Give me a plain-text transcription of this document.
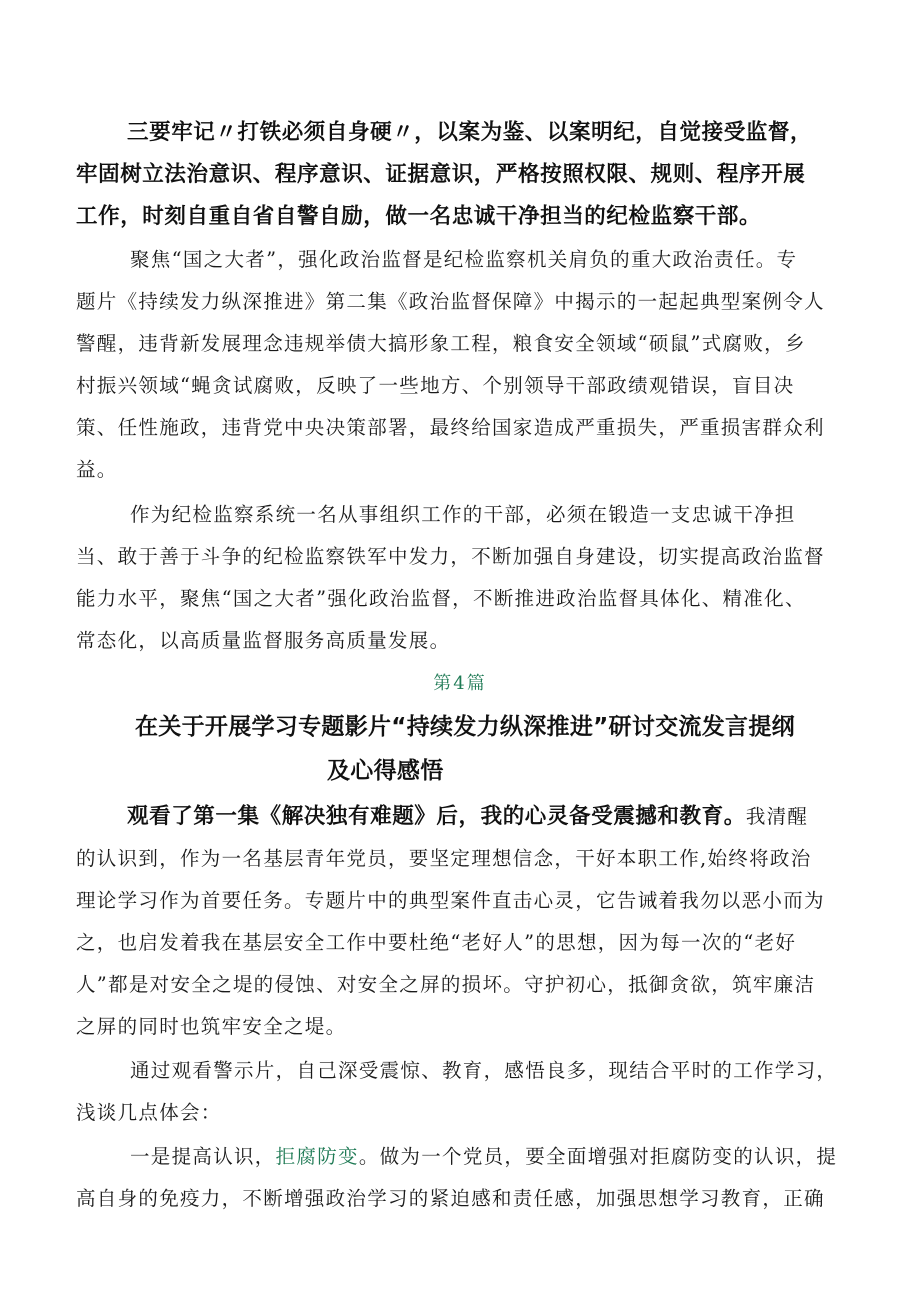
三要牢记〃打铁必须自身硬〃，以案为鉴、以案明纪，自觉接受监督，
牢固树立法治意识、程序意识、证据意识，严格按照权限、规则、程序开展
工作，时刻自重自省自警自励，做一名忠诚干净担当的纪检监察干部。
聚焦“国之大者”，强化政治监督是纪检监察机关肩负的重大政治责任。专
题片《持续发力纵深推进》第二集《政治监督保障》中揭示的一起起典型案例令人
警醒，违背新发展理念违规举债大搞形象工程，粮食安全领域“硕鼠”式腐败，乡
村振兴领域“蝇贪试腐败，反映了一些地方、个别领导干部政绩观错误，盲目决
策、任性施政，违背党中央决策部署，最终给国家造成严重损失，严重损害群众利
益。
作为纪检监察系统一名从事组织工作的干部，必须在锻造一支忠诚干净担
当、敢于善于斗争的纪检监察铁军中发力，不断加强自身建设，切实提高政治监督
能力水平，聚焦“国之大者”强化政治监督，不断推进政治监督具体化、精准化、
常态化，以高质量监督服务高质量发展。
第4篇
在关于开展学习专题影片“持续发力纵深推进”研讨交流发言提纲
及心得感悟
观看了第一集《解决独有难题》后，我的心灵备受震撼和教育。我清醒
的认识到，作为一名基层青年党员，要坚定理想信念，干好本职工作,始终将政治
理论学习作为首要任务。专题片中的典型案件直击心灵，它告诫着我勿以恶小而为
之，也启发着我在基层安全工作中要杜绝“老好人”的思想，因为每一次的“老好
人”都是对安全之堤的侵蚀、对安全之屏的损坏。守护初心，抵御贪欲，筑牢廉洁
之屏的同时也筑牢安全之堤。
通过观看警示片，自己深受震惊、教育，感悟良多，现结合平时的工作学习，
浅谈几点体会：
一是提高认识，拒腐防变。做为一个党员，要全面增强对拒腐防变的认识，提
高自身的免疫力，不断增强政治学习的紧迫感和责任感，加强思想学习教育，正确
